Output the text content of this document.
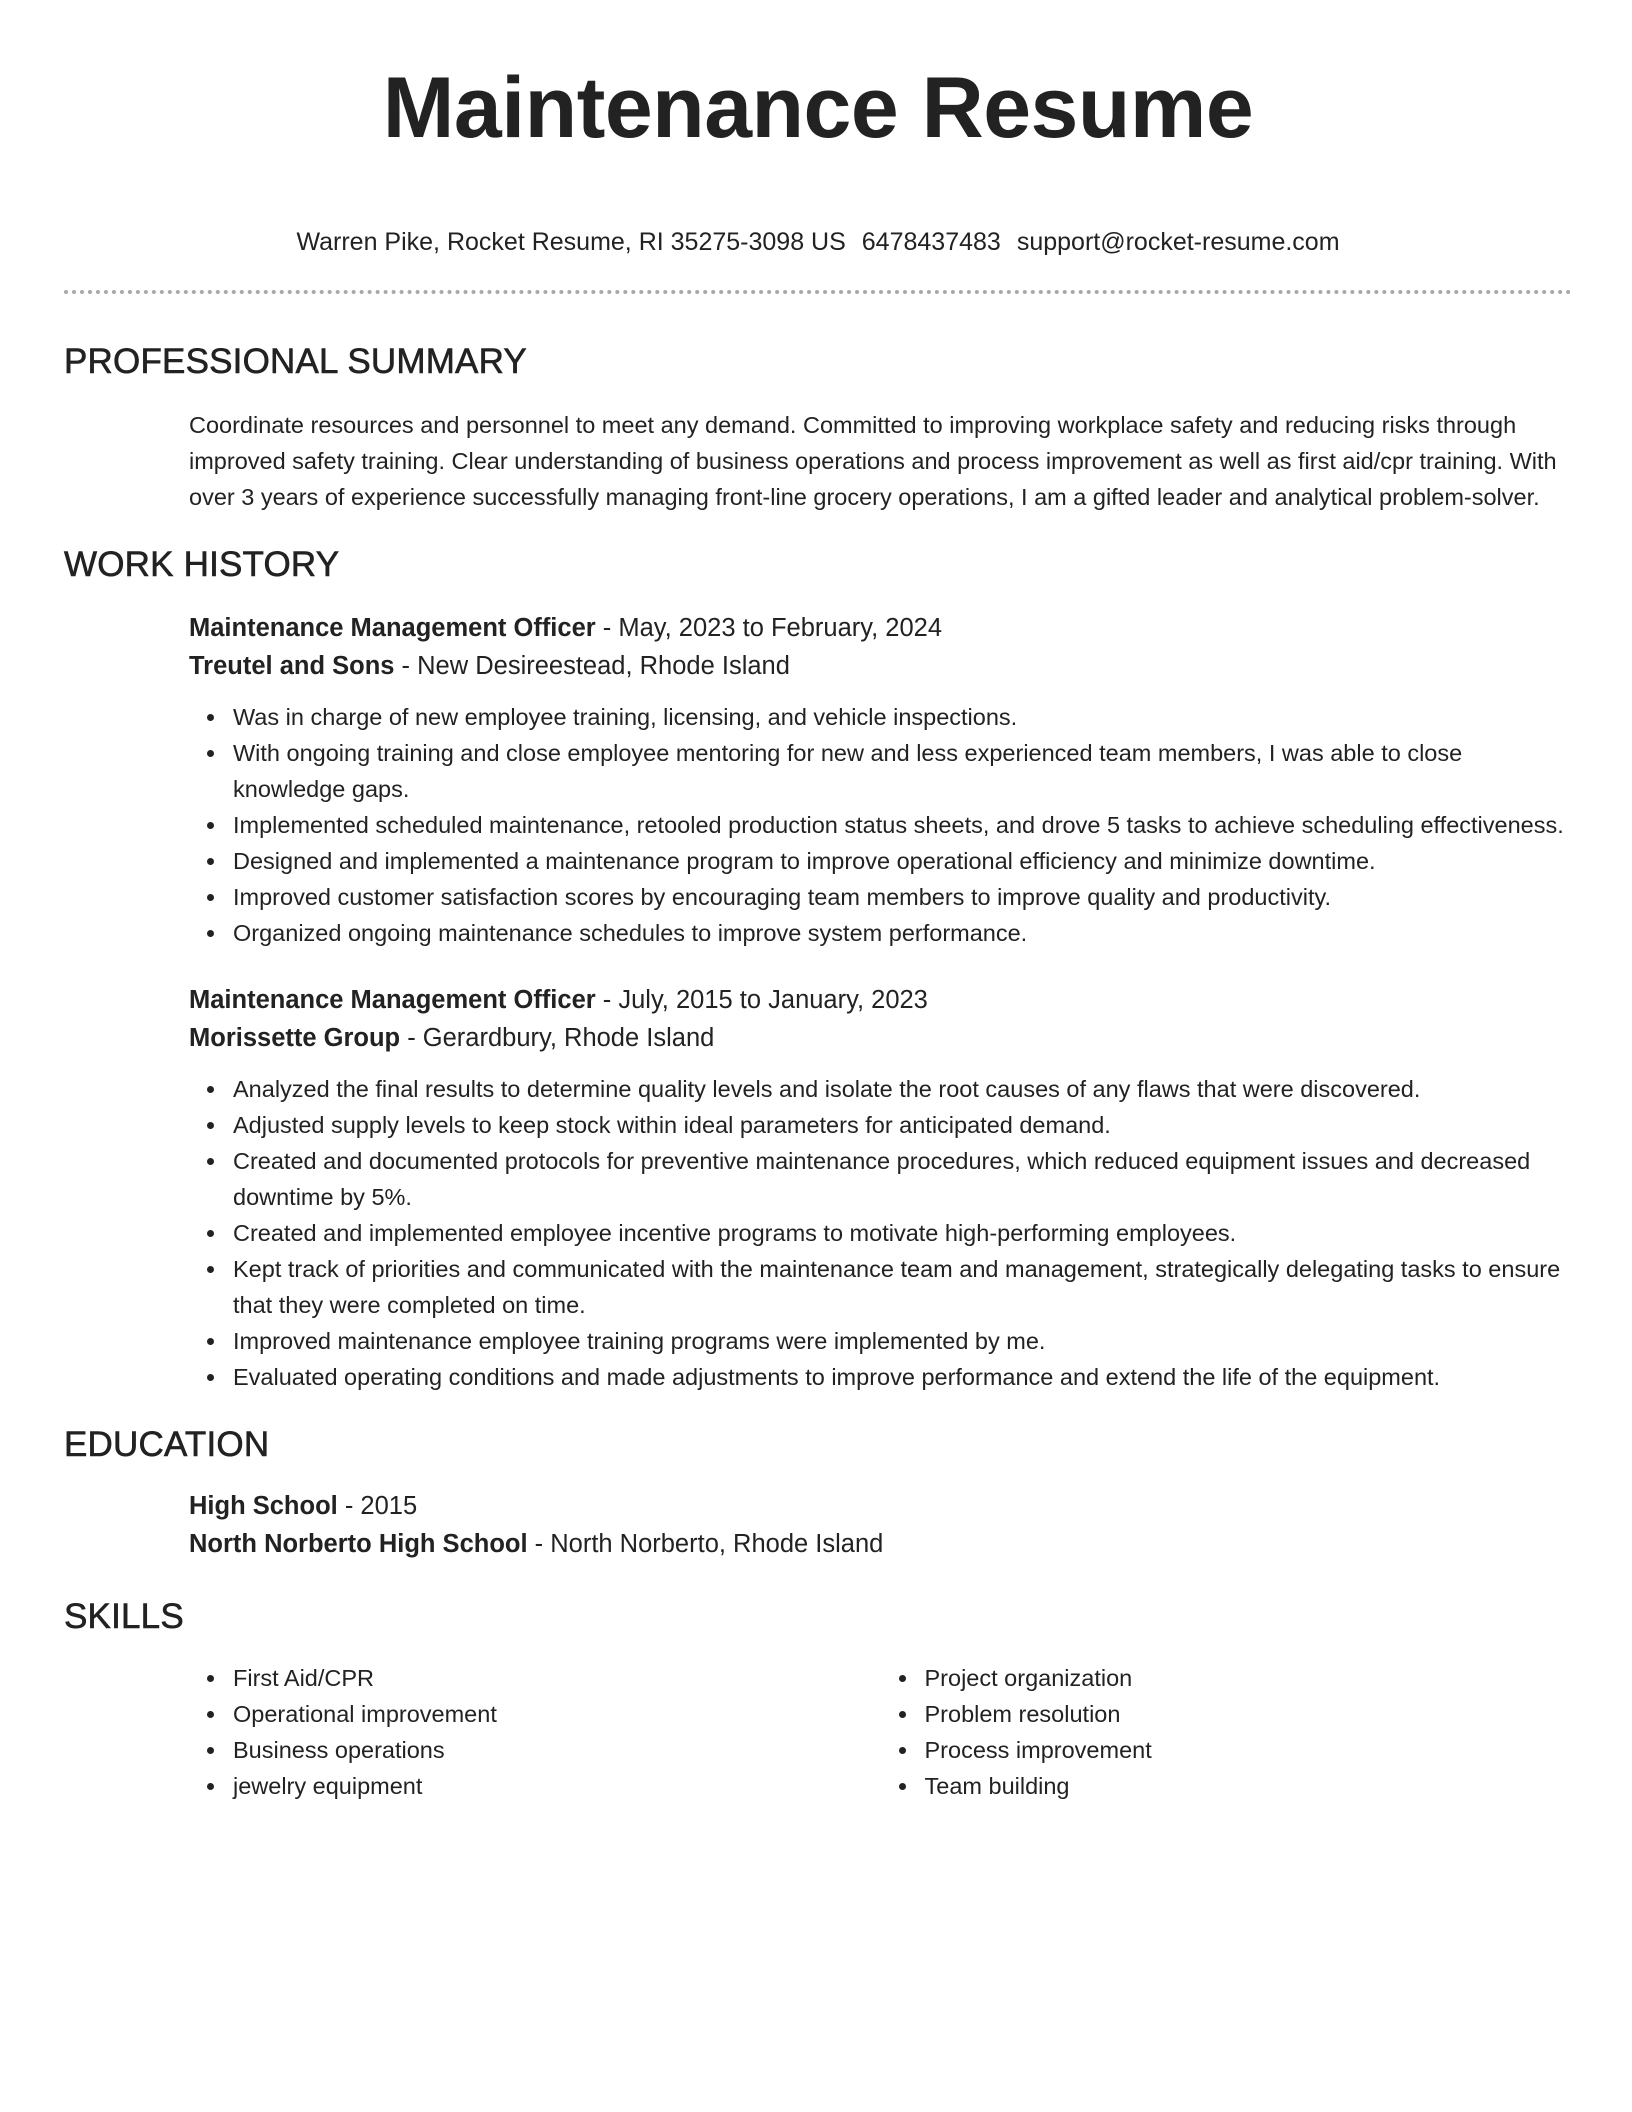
Maintenance Resume
Warren Pike, Rocket Resume, RI 35275-3098 US 6478437483 support@rocket-resume.com
PROFESSIONAL SUMMARY

Coordinate resources and personnel to meet any demand. Committed to improving workplace safety and reducing risks through improved safety training. Clear understanding of business operations and process improvement as well as first aid/cpr training. With over 3 years of experience successfully managing front-line grocery operations, I am a gifted leader and analytical problem-solver.

WORK HISTORY
Maintenance Management Officer - May, 2023 to February, 2024
Treutel and Sons - New Desireestead, Rhode Island
Was in charge of new employee training, licensing, and vehicle inspections.
With ongoing training and close employee mentoring for new and less experienced team members, I was able to close knowledge gaps.
Implemented scheduled maintenance, retooled production status sheets, and drove 5 tasks to achieve scheduling effectiveness.
Designed and implemented a maintenance program to improve operational efficiency and minimize downtime.
Improved customer satisfaction scores by encouraging team members to improve quality and productivity.
Organized ongoing maintenance schedules to improve system performance.
Maintenance Management Officer - July, 2015 to January, 2023
Morissette Group - Gerardbury, Rhode Island
Analyzed the final results to determine quality levels and isolate the root causes of any flaws that were discovered.
Adjusted supply levels to keep stock within ideal parameters for anticipated demand.
Created and documented protocols for preventive maintenance procedures, which reduced equipment issues and decreased downtime by 5%.
Created and implemented employee incentive programs to motivate high-performing employees.
Kept track of priorities and communicated with the maintenance team and management, strategically delegating tasks to ensure that they were completed on time.
Improved maintenance employee training programs were implemented by me.
Evaluated operating conditions and made adjustments to improve performance and extend the life of the equipment.
EDUCATION
High School - 2015
North Norberto High School - North Norberto, Rhode Island
SKILLS
First Aid/CPR
Operational improvement
Business operations
jewelry equipment
Project organization
Problem resolution
Process improvement
Team building
